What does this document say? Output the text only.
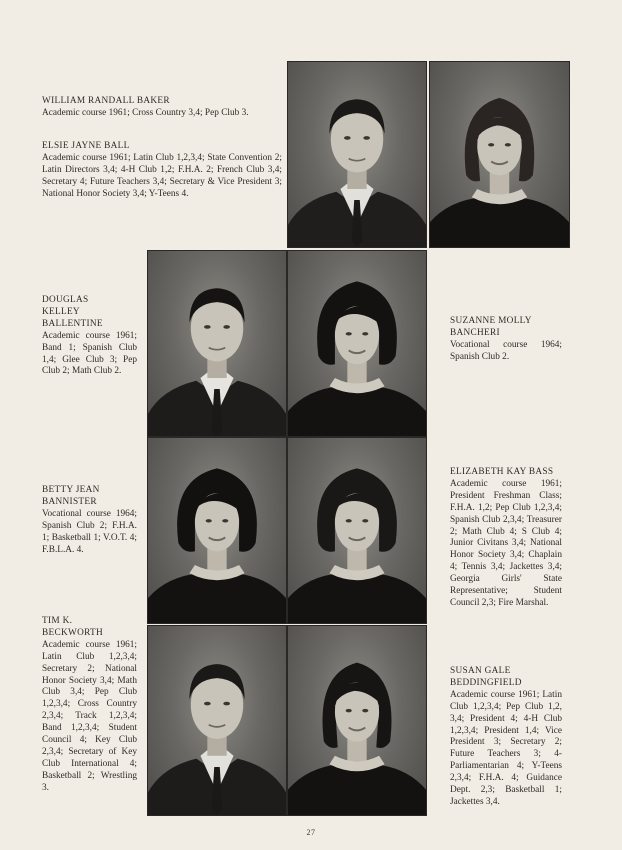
WILLIAM RANDALL BAKER
Academic course 1961; Cross Country 3,4; Pep Club 3.
ELSIE JAYNE BALL
Academic course 1961; Latin Club 1,2,3,4; State Convention 2; Latin Directors 3,4; 4-H Club 1,2; F.H.A. 2; French Club 3,4; Secretary 4; Future Teachers 3,4; Secretary & Vice President 3; National Honor Society 3,4; Y-Teens 4.
DOUGLAS KELLEY BALLENTINE
Academic course 1961; Band 1; Spanish Club 1,4; Glee Club 3; Pep Club 2; Math Club 2.
SUZANNE MOLLY BANCHERI
Vocational course 1964; Spanish Club 2.
BETTY JEAN BANNISTER
Vocational course 1964; Spanish Club 2; F.H.A. 1; Basketball 1; V.O.T. 4; F.B.L.A. 4.
ELIZABETH KAY BASS
Academic course 1961; President Freshman Class; F.H.A. 1,2; Pep Club 1,2,3,4; Spanish Club 2,3,4; Treasurer 2; Math Club 4; S Club 4; Junior Civitans 3,4; National Honor Society 3,4; Chaplain 4; Tennis 3,4; Jackettes 3,4; Georgia Girls' State Representative; Student Council 2,3; Fire Marshal.
TIM K. BECKWORTH
Academic course 1961; Latin Club 1,2,3,4; Secretary 2; National Honor Society 3,4; Math Club 3,4; Pep Club 1,2,3,4; Cross Country 2,3,4; Track 1,2,3,4; Band 1,2,3,4; Student Council 4; Key Club 2,3,4; Secretary of Key Club International 4; Basketball 2; Wrestling 3.
SUSAN GALE BEDDINGFIELD
Academic course 1961; Latin Club 1,2,3,4; Pep Club 1,2, 3,4; President 4; 4-H Club 1,2,3,4; President 1,4; Vice President 3; Secretary 2; Future Teachers 3; 4-Parliamentarian 4; Y-Teens 2,3,4; F.H.A. 4; Guidance Dept. 2,3; Basketball 1; Jackettes 3,4.
27
